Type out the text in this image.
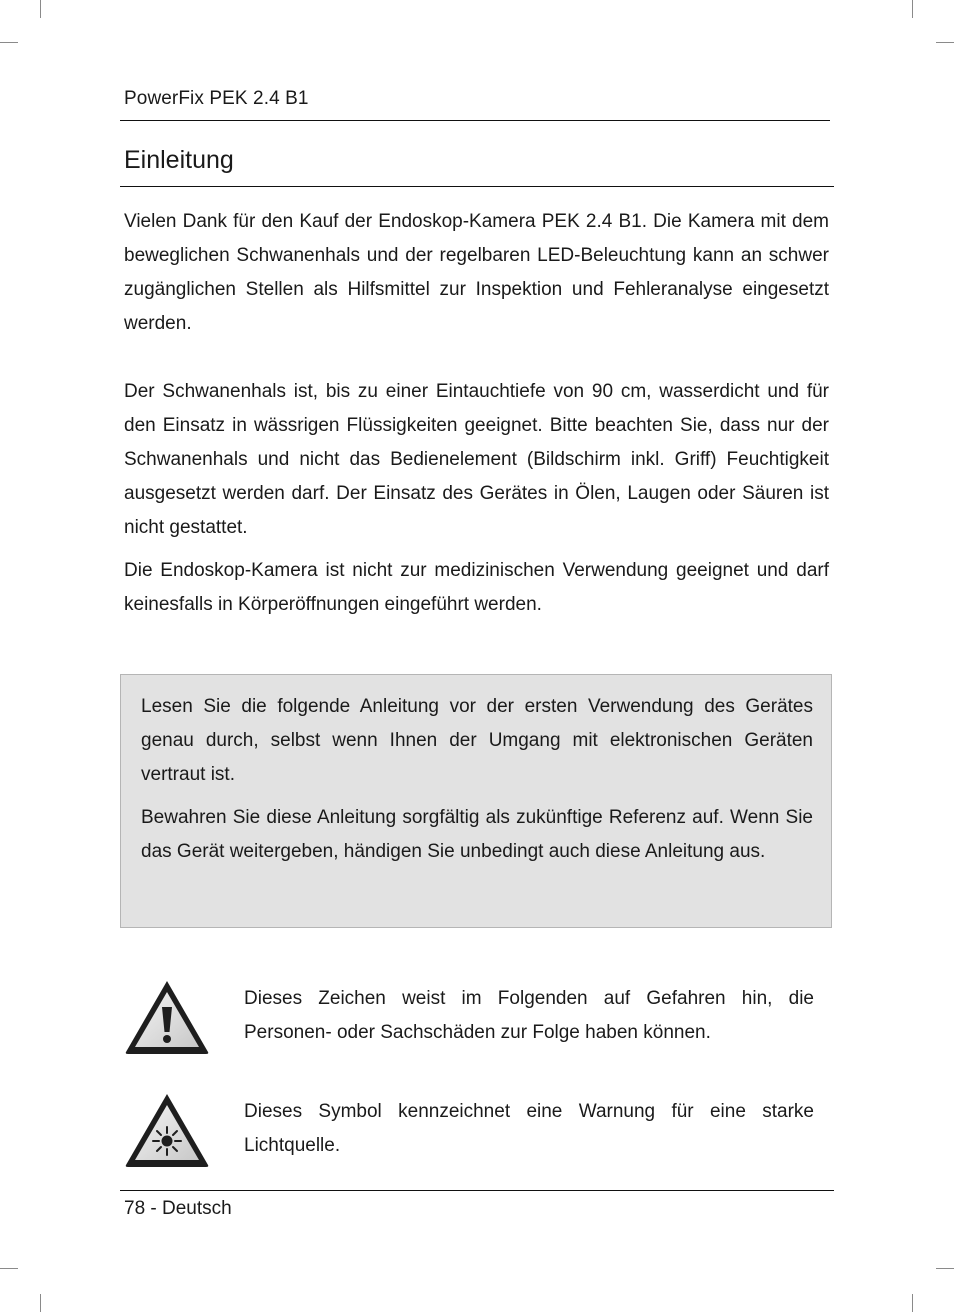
PowerFix PEK 2.4 B1
Einleitung

Vielen Dank für den Kauf der Endoskop-Kamera PEK 2.4 B1. Die Kamera mit dem beweglichen Schwanenhals und der regelbaren LED-Beleuchtung kann an schwer zugänglichen Stellen als Hilfsmittel zur Inspektion und Fehleranalyse eingesetzt werden.

Der Schwanenhals ist, bis zu einer Eintauchtiefe von 90 cm, wasserdicht und für den Einsatz in wässrigen Flüssigkeiten geeignet. Bitte beachten Sie, dass nur der Schwanenhals und nicht das Bedienelement (Bildschirm inkl. Griff) Feuchtigkeit ausgesetzt werden darf. Der Einsatz des Gerätes in Ölen, Laugen oder Säuren ist nicht gestattet.

Die Endoskop-Kamera ist nicht zur medizinischen Verwendung geeignet und darf keinesfalls in Körperöffnungen eingeführt werden.

Lesen Sie die folgende Anleitung vor der ersten Verwendung des Gerätes genau durch, selbst wenn Ihnen der Umgang mit elektronischen Geräten vertraut ist.

Bewahren Sie diese Anleitung sorgfältig als zukünftige Referenz auf. Wenn Sie das Gerät weitergeben, händigen Sie unbedingt auch diese Anleitung aus.

Dieses Zeichen weist im Folgenden auf Gefahren hin, die Personen- oder Sachschäden zur Folge haben können.

Dieses Symbol kennzeichnet eine Warnung für eine starke Lichtquelle.

78 - Deutsch
